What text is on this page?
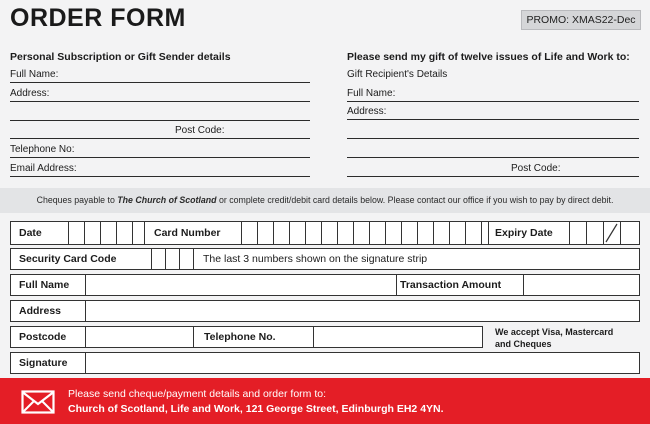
ORDER FORM	PROMO: XMAS22-Dec
Personal Subscription or Gift Sender details
Full Name:
Address:
Post Code:
Telephone No:
Email Address:
Please send my gift of twelve issues of Life and Work to:
Gift Recipient's Details
Full Name:
Address:
Post Code:
Cheques payable to The Church of Scotland or complete credit/debit card details below. Please contact our office if you wish to pay by direct debit.
Date	Card Number	Expiry Date
Security Card Code	The last 3 numbers shown on the signature strip
Full Name	Transaction Amount
Address
Postcode	Telephone No.	We accept Visa, Mastercard
and Cheques
Signature
Please send cheque/payment details and order form to:
Church of Scotland, Life and Work, 121 George Street, Edinburgh EH2 4YN.
